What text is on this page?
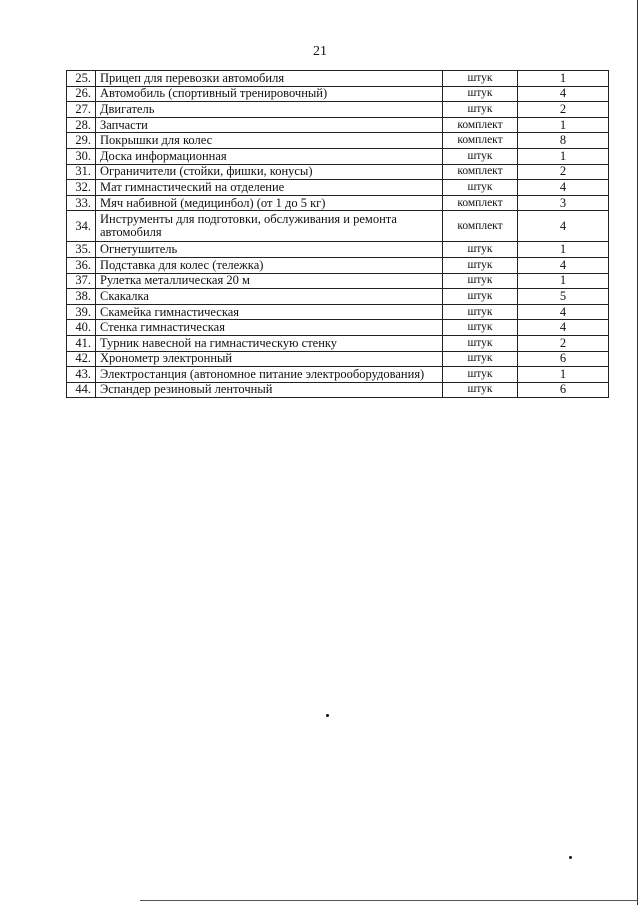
21
25.	Прицеп для перевозки автомобиля	штук	1
26.	Автомобиль (спортивный тренировочный)	штук	4
27.	Двигатель	штук	2
28.	Запчасти	комплект	1
29.	Покрышки для колес	комплект	8
30.	Доска информационная	штук	1
31.	Ограничители (стойки, фишки, конусы)	комплект	2
32.	Мат гимнастический на отделение	штук	4
33.	Мяч набивной (медицинбол) (от 1 до 5 кг)	комплект	3
34.	Инструменты для подготовки, обслуживания и ремонта автомобиля	комплект	4
35.	Огнетушитель	штук	1
36.	Подставка для колес (тележка)	штук	4
37.	Рулетка металлическая 20 м	штук	1
38.	Скакалка	штук	5
39.	Скамейка гимнастическая	штук	4
40.	Стенка гимнастическая	штук	4
41.	Турник навесной на гимнастическую стенку	штук	2
42.	Хронометр электронный	штук	6
43.	Электростанция (автономное питание электрооборудования)	штук	1
44.	Эспандер резиновый ленточный	штук	6
